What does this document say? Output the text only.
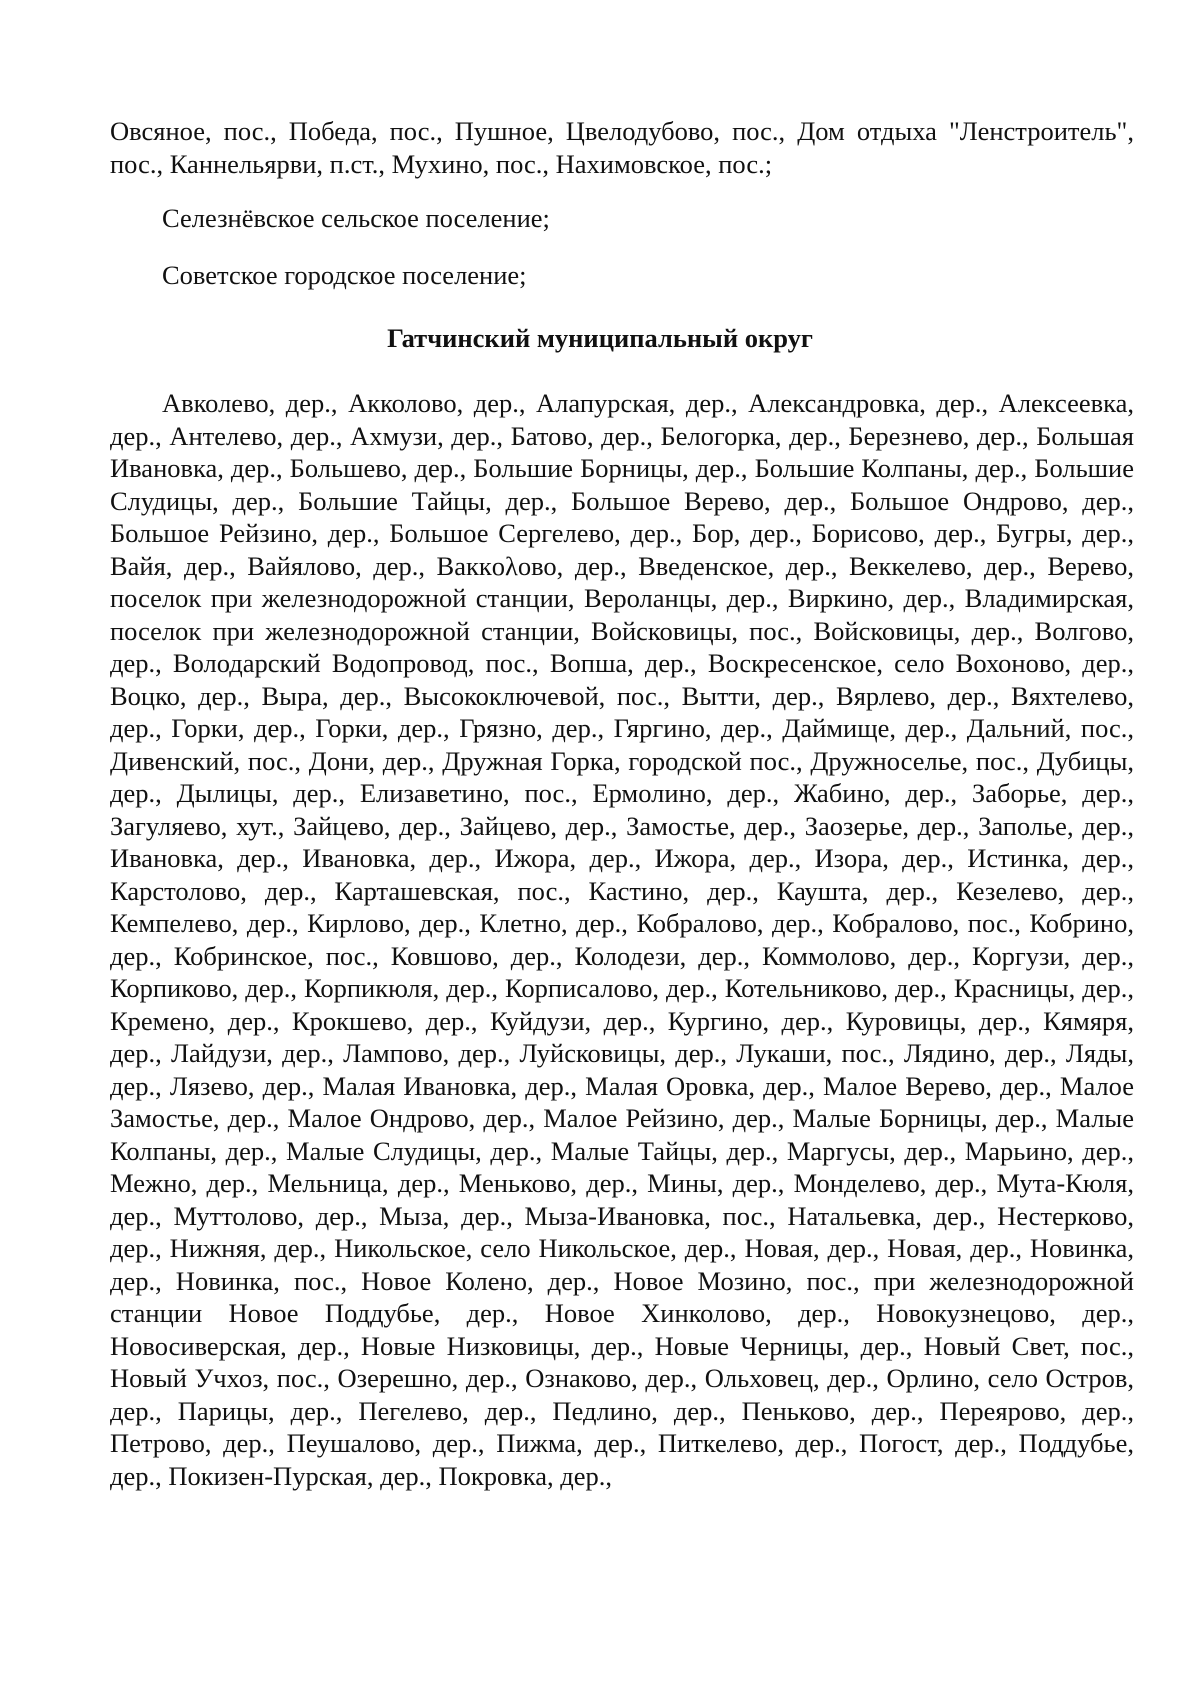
Овсяное, пос., Победа, пос., Пушное, Цвелодубово, пос., Дом отдыха "Ленстроитель", пос., Каннельярви, п.ст., Мухино, пос., Нахимовское, пос.;

Селезнёвское сельское поселение;
Советское городское поселение;
Гатчинский муниципальный округ

Авколево, дер., Акколово, дер., Алапурская, дер., Александровка, дер., Алексеевка, дер., Антелево, дер., Ахмузи, дер., Батово, дер., Белогорка, дер., Березнево, дер., Большая Ивановка, дер., Большево, дер., Большие Борницы, дер., Большие Колпаны, дер., Большие Слудицы, дер., Большие Тайцы, дер., Большое Верево, дер., Большое Ондрово, дер., Большое Рейзино, дер., Большое Сергелево, дер., Бор, дер., Борисово, дер., Бугры, дер., Вайя, дер., Вайялово, дер., Ваккολово, дер., Введенское, дер., Веккелево, дер., Верево, поселок при железнодорожной станции, Вероланцы, дер., Виркино, дер., Владимирская, поселок при железнодорожной станции, Войсковицы, пос., Войсковицы, дер., Волгово, дер., Володарский Водопровод, пос., Вопша, дер., Воскресенское, село Вохоново, дер., Воцко, дер., Выра, дер., Высокоключевой, пос., Вытти, дер., Вярлево, дер., Вяхтелево, дер., Горки, дер., Горки, дер., Грязно, дер., Гяргино, дер., Даймище, дер., Дальний, пос., Дивенский, пос., Дони, дер., Дружная Горка, городской пос., Дружноселье, пос., Дубицы, дер., Дылицы, дер., Елизаветино, пос., Ермолино, дер., Жабино, дер., Заборье, дер., Загуляево, хут., Зайцево, дер., Зайцево, дер., Замостье, дер., Заозерье, дер., Заполье, дер., Ивановка, дер., Ивановка, дер., Ижора, дер., Ижора, дер., Изора, дер., Истинка, дер., Карстолово, дер., Карташевская, пос., Кастино, дер., Каушта, дер., Кезелево, дер., Кемпелево, дер., Кирлово, дер., Клетно, дер., Кобралово, дер., Кобралово, пос., Кобрино, дер., Кобринское, пос., Ковшово, дер., Колодези, дер., Коммолово, дер., Коргузи, дер., Корпиково, дер., Корпикюля, дер., Корписалово, дер., Котельниково, дер., Красницы, дер., Кремено, дер., Крокшево, дер., Куйдузи, дер., Кургино, дер., Куровицы, дер., Кямяря, дер., Лайдузи, дер., Лампово, дер., Луйсковицы, дер., Лукаши, пос., Лядино, дер., Ляды, дер., Лязево, дер., Малая Ивановка, дер., Малая Оровка, дер., Малое Верево, дер., Малое Замостье, дер., Малое Ондрово, дер., Малое Рейзино, дер., Малые Борницы, дер., Малые Колпаны, дер., Малые Слудицы, дер., Малые Тайцы, дер., Маргусы, дер., Марьино, дер., Межно, дер., Мельница, дер., Меньково, дер., Мины, дер., Монделево, дер., Мута-Кюля, дер., Муттолово, дер., Мыза, дер., Мыза-Ивановка, пос., Натальевка, дер., Нестерково, дер., Нижняя, дер., Никольское, село Никольское, дер., Новая, дер., Новая, дер., Новинка, дер., Новинка, пос., Новое Колено, дер., Новое Мозино, пос., при железнодорожной станции Новое Поддубье, дер., Новое Хинколово, дер., Новокузнецово, дер., Новосиверская, дер., Новые Низковицы, дер., Новые Черницы, дер., Новый Свет, пос., Новый Учхоз, пос., Озерешно, дер., Ознаково, дер., Ольховец, дер., Орлино, село Остров, дер., Парицы, дер., Пегелево, дер., Педлино, дер., Пеньково, дер., Переярово, дер., Петрово, дер., Пеушалово, дер., Пижма, дер., Питкелево, дер., Погост, дер., Поддубье, дер., Покизен-Пурская, дер., Покровка, дер.,
